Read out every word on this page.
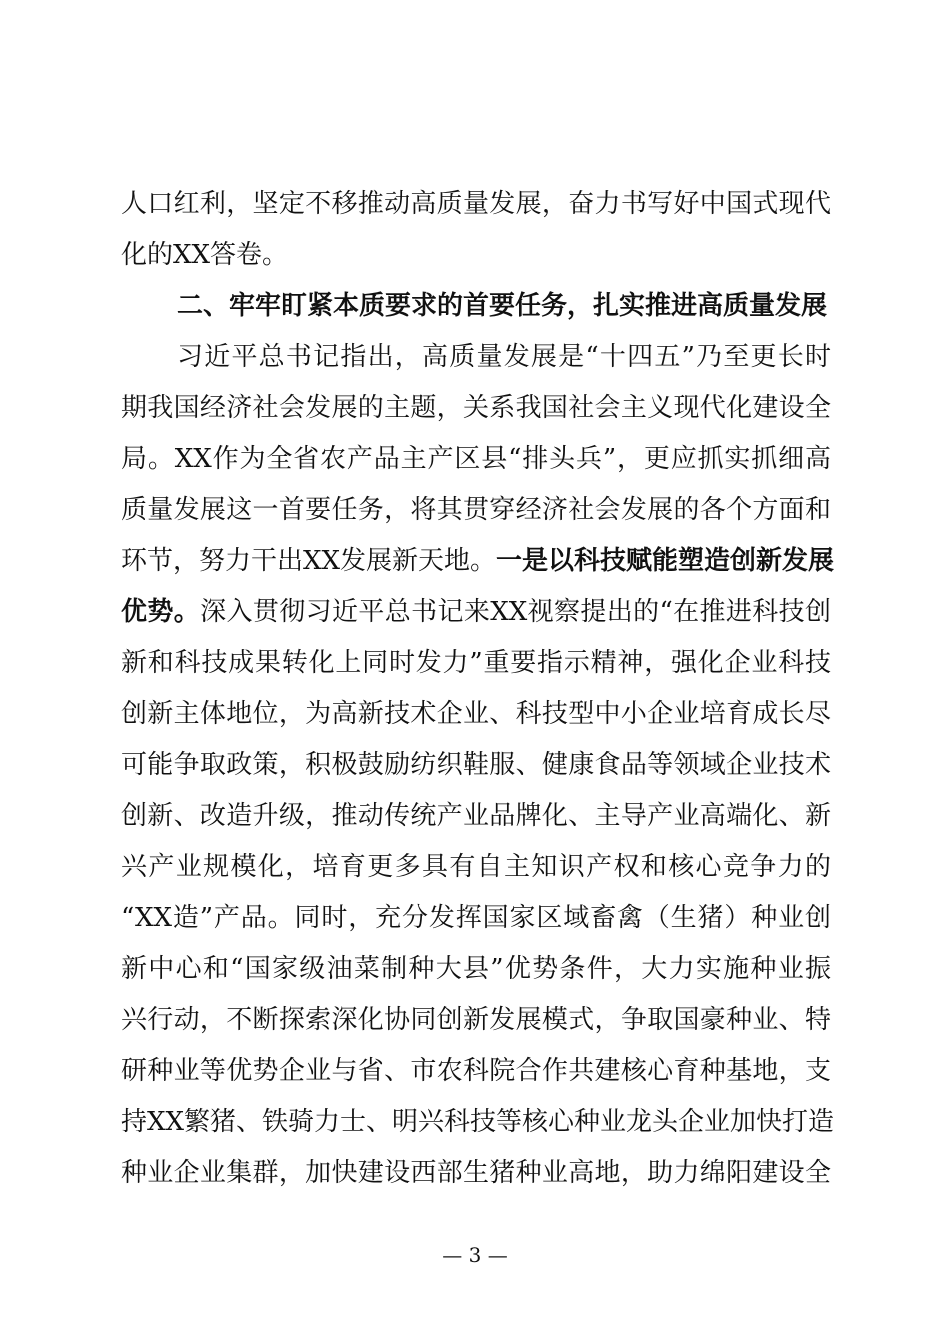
人口红利，坚定不移推动高质量发展，奋力书写好中国式现代
化的XX答卷。
二、牢牢盯紧本质要求的首要任务，扎实推进高质量发展
习近平总书记指出，高质量发展是“十四五”乃至更长时
期我国经济社会发展的主题，关系我国社会主义现代化建设全
局。XX作为全省农产品主产区县“排头兵”，更应抓实抓细高
质量发展这一首要任务，将其贯穿经济社会发展的各个方面和
环节，努力干出XX发展新天地。一是以科技赋能塑造创新发展
优势。深入贯彻习近平总书记来XX视察提出的“在推进科技创
新和科技成果转化上同时发力”重要指示精神，强化企业科技
创新主体地位，为高新技术企业、科技型中小企业培育成长尽
可能争取政策，积极鼓励纺织鞋服、健康食品等领域企业技术
创新、改造升级，推动传统产业品牌化、主导产业高端化、新
兴产业规模化，培育更多具有自主知识产权和核心竞争力的
“XX造”产品。同时，充分发挥国家区域畜禽（生猪）种业创
新中心和“国家级油菜制种大县”优势条件，大力实施种业振
兴行动，不断探索深化协同创新发展模式，争取国豪种业、特
研种业等优势企业与省、市农科院合作共建核心育种基地，支
持XX繁猪、铁骑力士、明兴科技等核心种业龙头企业加快打造
种业企业集群，加快建设西部生猪种业高地，助力绵阳建设全
— 3 —
